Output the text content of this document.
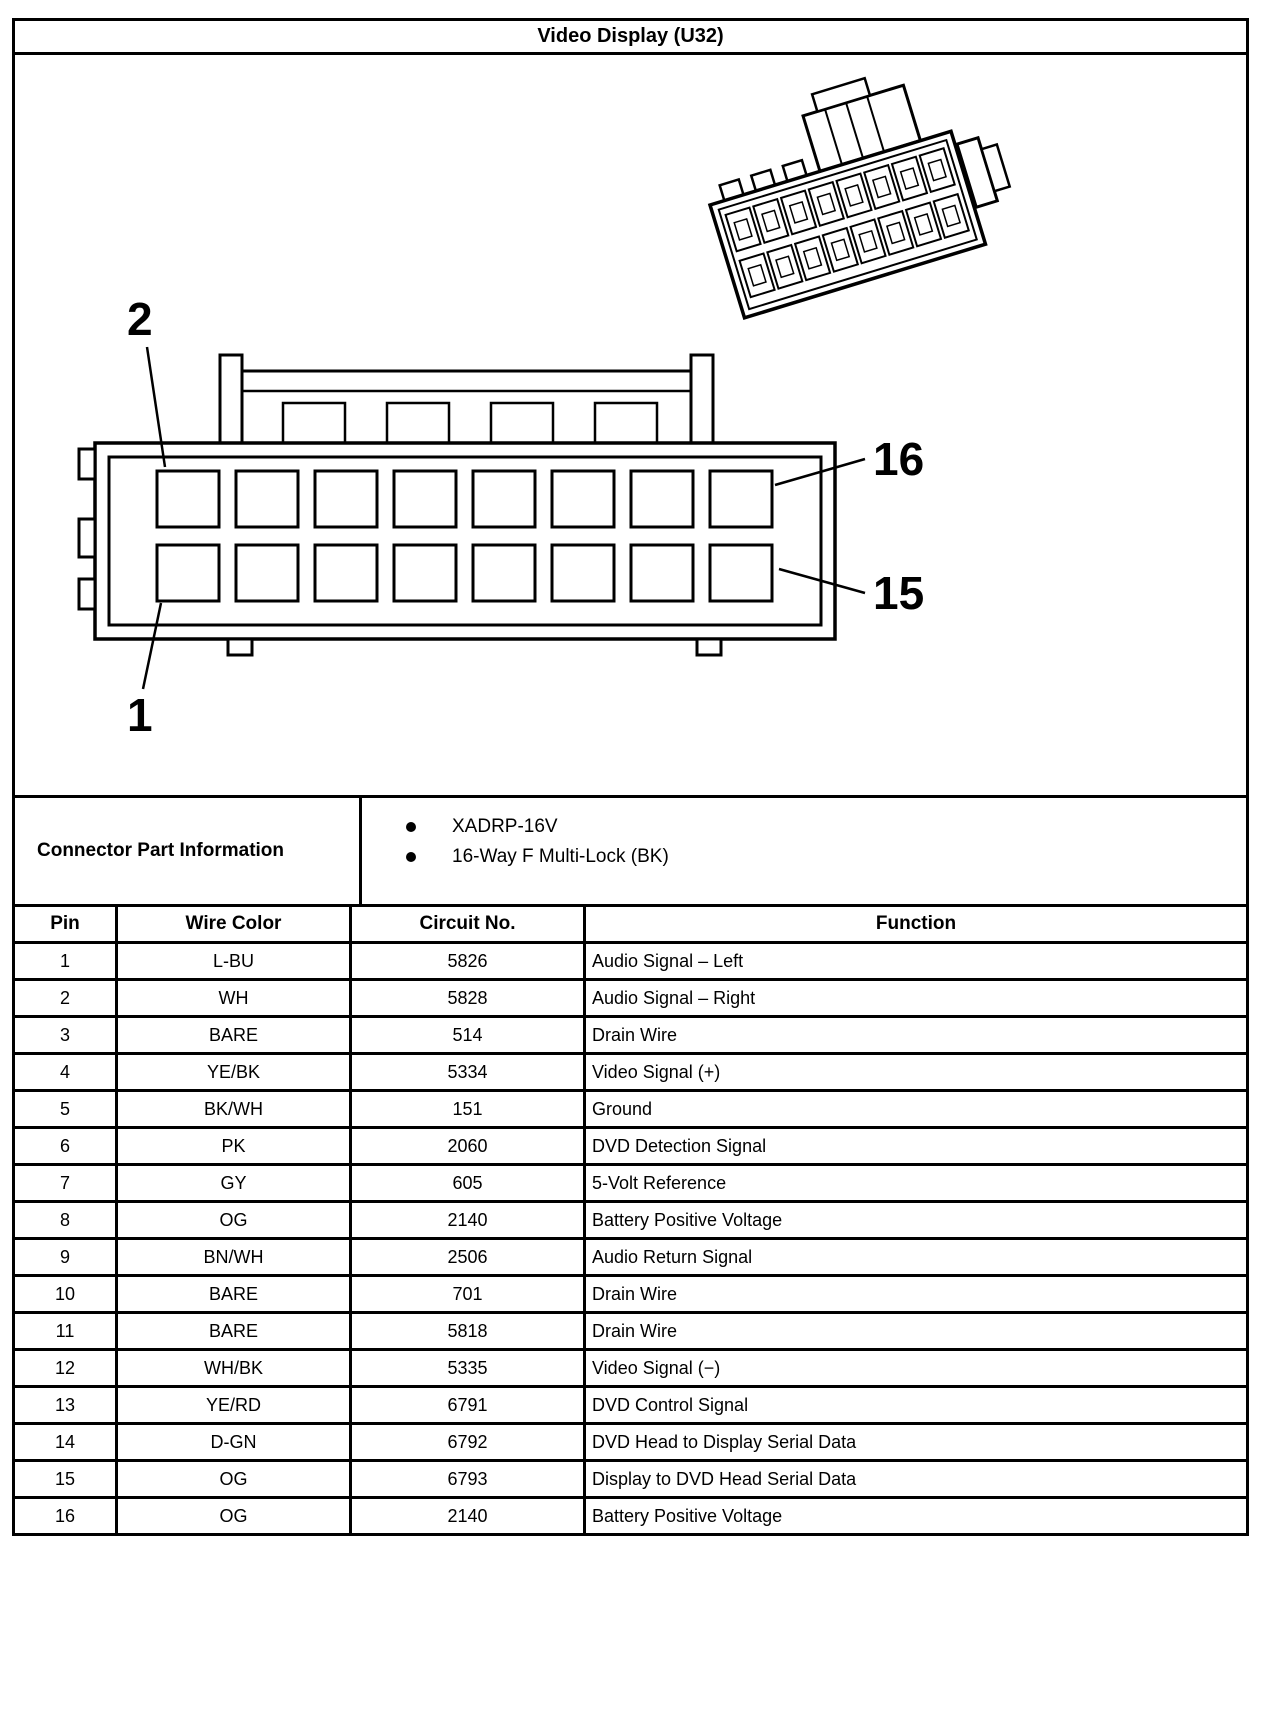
Video Display (U32)
2
1
16
15
Connector Part Information
XADRP-16V
16-Way F Multi-Lock (BK)
Pin	Wire Color	Circuit No.	Function
1	L-BU	5826	Audio Signal – Left
2	WH	5828	Audio Signal – Right
3	BARE	514	Drain Wire
4	YE/BK	5334	Video Signal (+)
5	BK/WH	151	Ground
6	PK	2060	DVD Detection Signal
7	GY	605	5-Volt Reference
8	OG	2140	Battery Positive Voltage
9	BN/WH	2506	Audio Return Signal
10	BARE	701	Drain Wire
11	BARE	5818	Drain Wire
12	WH/BK	5335	Video Signal (−)
13	YE/RD	6791	DVD Control Signal
14	D-GN	6792	DVD Head to Display Serial Data
15	OG	6793	Display to DVD Head Serial Data
16	OG	2140	Battery Positive Voltage
